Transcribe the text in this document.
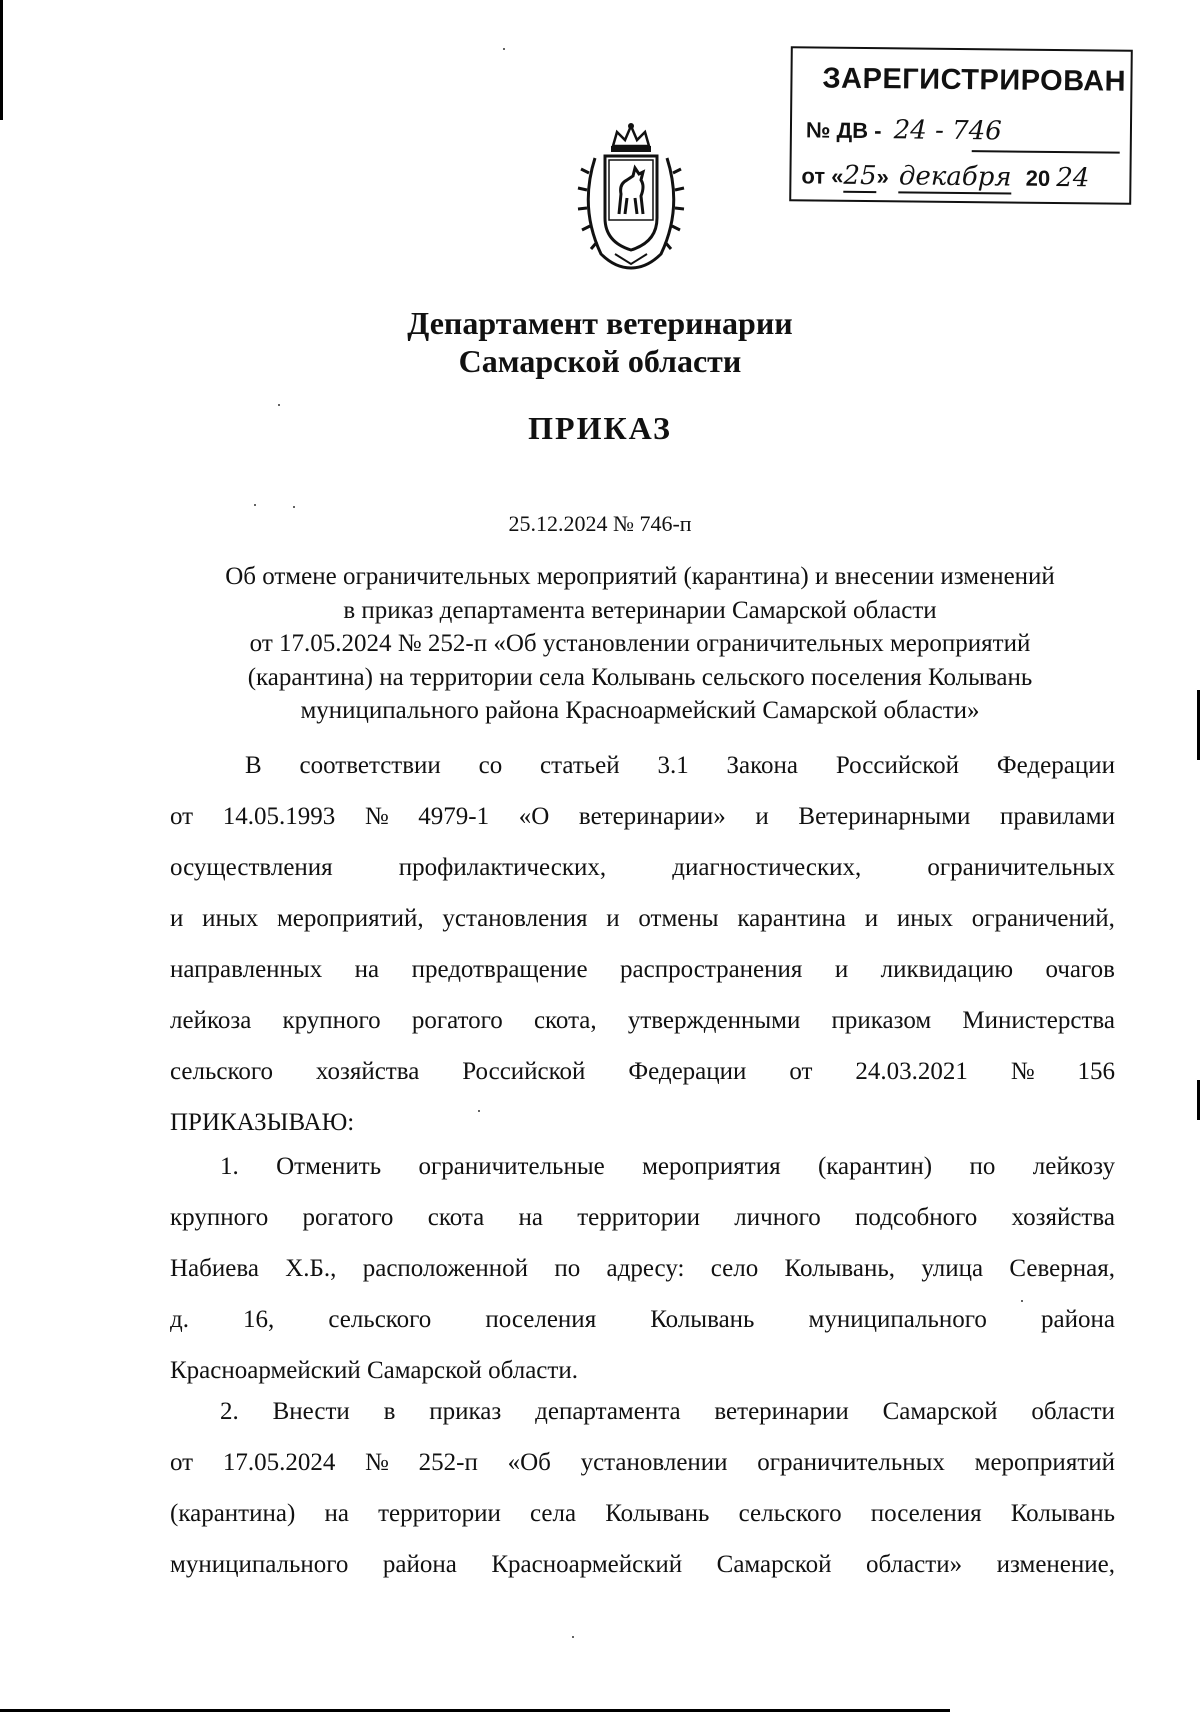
ЗАРЕГИСТРИРОВАН
№ ДВ - 24 - 746
от «25» декабря 20 24
Департамент ветеринарии
Самарской области
ПРИКАЗ
25.12.2024 № 746-п
Об отмене ограничительных мероприятий (карантина) и внесении изменений
в приказ департамента ветеринарии Самарской области
от 17.05.2024 № 252-п «Об установлении ограничительных мероприятий
(карантина) на территории села Колывань сельского поселения Колывань
муниципального района Красноармейский Самарской области»
В соответствии со статьей 3.1 Закона Российской Федерации
от 14.05.1993 № 4979-1 «О ветеринарии» и Ветеринарными правилами
осуществления	профилактических,	диагностических,	ограничительных
и иных мероприятий, установления и отмены карантина и иных ограничений,
направленных на предотвращение распространения и ликвидацию очагов
лейкоза крупного рогатого скота, утвержденными приказом Министерства
сельского хозяйства Российской Федерации от 24.03.2021 № 156
ПРИКАЗЫВАЮ:
1. Отменить ограничительные мероприятия (карантин) по лейкозу
крупного рогатого скота на территории личного подсобного хозяйства
Набиева Х.Б., расположенной по адресу: село Колывань, улица Северная,
д. 16, сельского поселения Колывань муниципального района
Красноармейский Самарской области.
2. Внести в приказ департамента ветеринарии Самарской области
от 17.05.2024 № 252-п «Об установлении ограничительных мероприятий
(карантина) на территории села Колывань сельского поселения Колывань
муниципального района Красноармейский Самарской области» изменение,
